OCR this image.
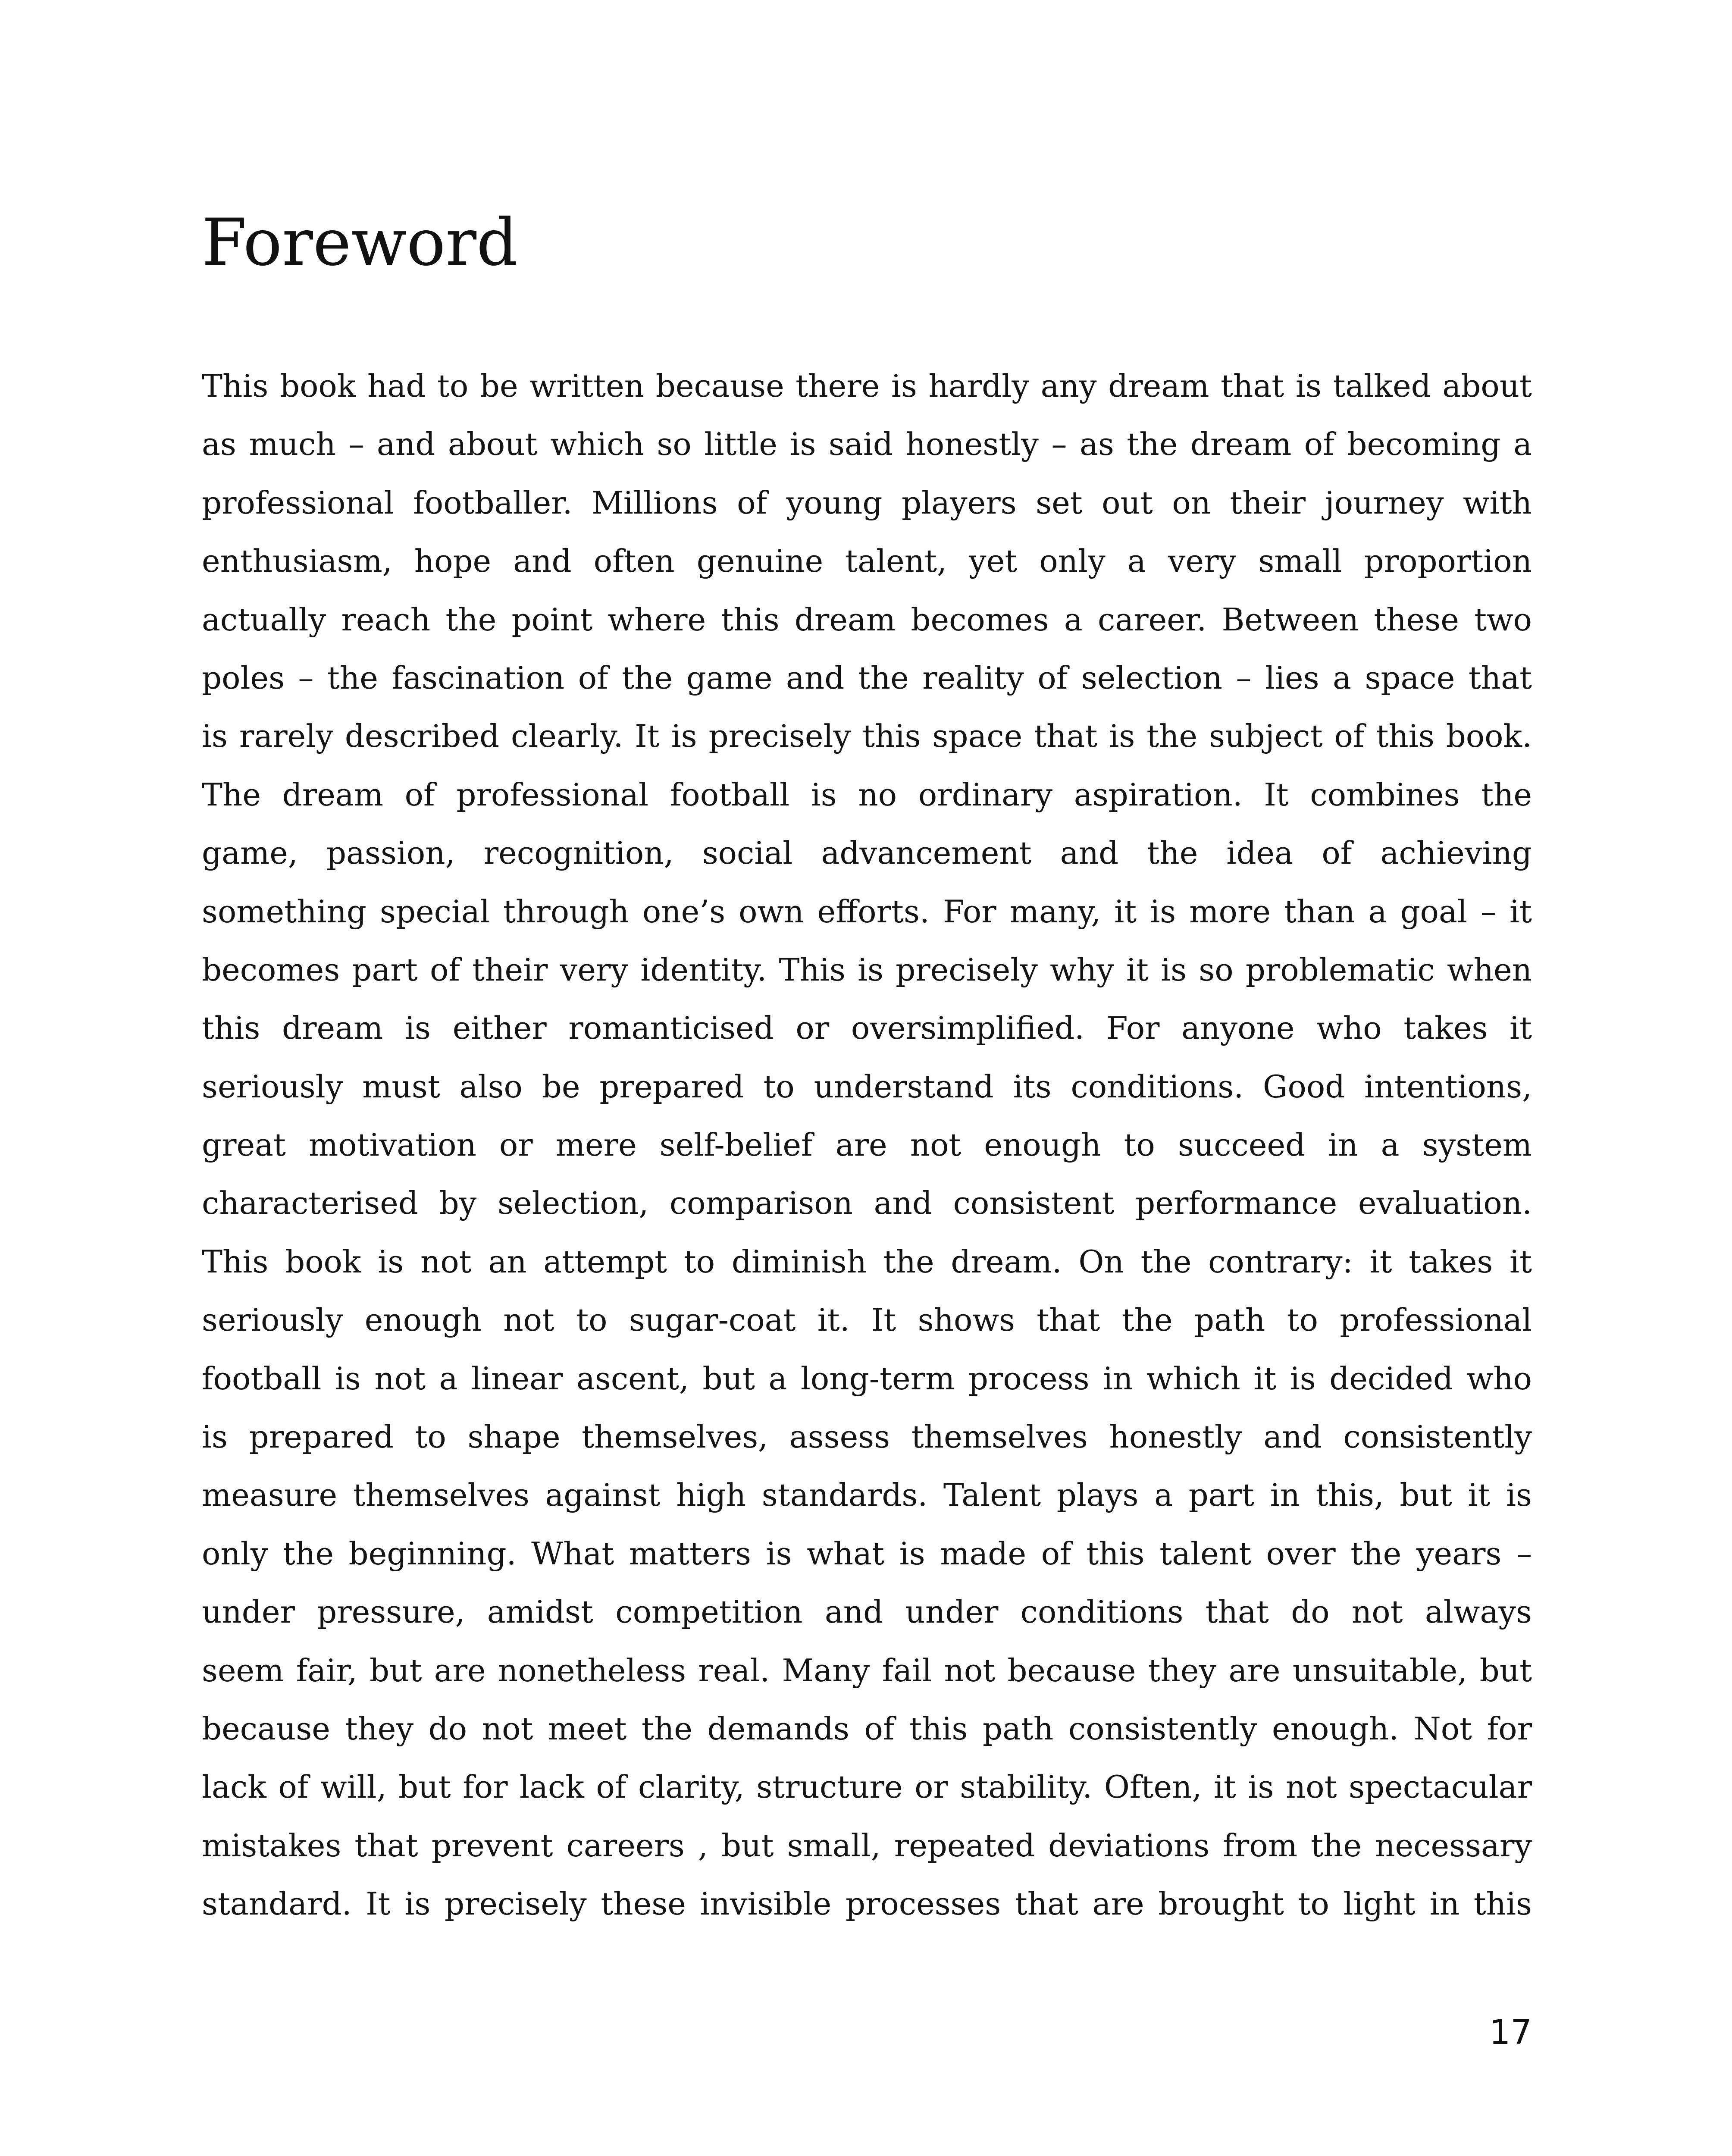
Foreword
This book had to be written because there is hardly any dream that is talked about
as much – and about which so little is said honestly – as the dream of becoming a
professional footballer. Millions of young players set out on their journey with
enthusiasm, hope and often genuine talent, yet only a very small proportion
actually reach the point where this dream becomes a career. Between these two
poles – the fascination of the game and the reality of selection – lies a space that
is rarely described clearly. It is precisely this space that is the subject of this book.
The dream of professional football is no ordinary aspiration. It combines the
game, passion, recognition, social advancement and the idea of achieving
something special through one’s own efforts. For many, it is more than a goal – it
becomes part of their very identity. This is precisely why it is so problematic when
this dream is either romanticised or oversimplified. For anyone who takes it
seriously must also be prepared to understand its conditions. Good intentions,
great motivation or mere self-belief are not enough to succeed in a system
characterised by selection, comparison and consistent performance evaluation.
This book is not an attempt to diminish the dream. On the contrary: it takes it
seriously enough not to sugar-coat it. It shows that the path to professional
football is not a linear ascent, but a long-term process in which it is decided who
is prepared to shape themselves, assess themselves honestly and consistently
measure themselves against high standards. Talent plays a part in this, but it is
only the beginning. What matters is what is made of this talent over the years –
under pressure, amidst competition and under conditions that do not always
seem fair, but are nonetheless real. Many fail not because they are unsuitable, but
because they do not meet the demands of this path consistently enough. Not for
lack of will, but for lack of clarity, structure or stability. Often, it is not spectacular
mistakes that prevent careers , but small, repeated deviations from the necessary
standard. It is precisely these invisible processes that are brought to light in this
17
